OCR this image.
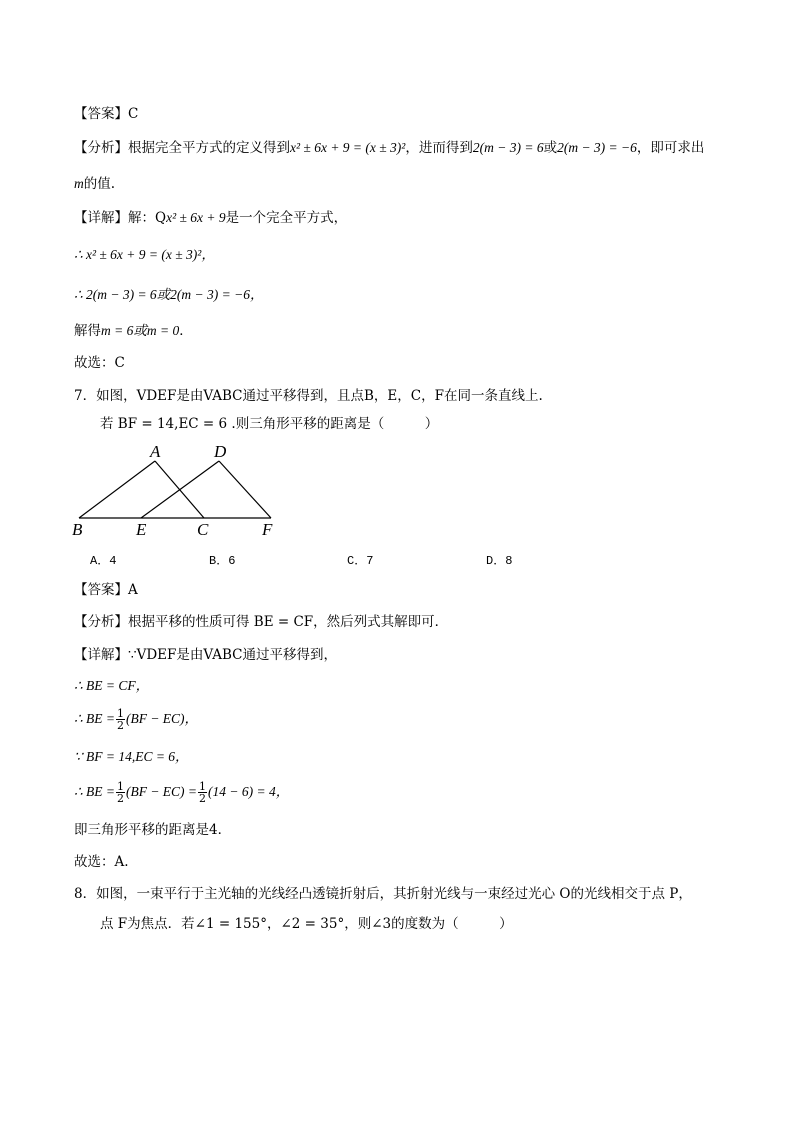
【答案】C
【分析】根据完全平方式的定义得到x² ± 6x + 9 = (x ± 3)²，进而得到2(m − 3) = 6或2(m − 3) = −6，即可求出
m的值.
【详解】解：Qx² ± 6x + 9是一个完全平方式，
∴ x² ± 6x + 9 = (x ± 3)²，
∴ 2(m − 3) = 6或2(m − 3) = −6，
解得m = 6或m = 0．
故选：C
7．如图，VDEF是由VABC通过平移得到，且点B，E，C，F在同一条直线上.
若 BF = 14,EC = 6 .则三角形平移的距离是（　　　）
A	D
B	E	C	F
A．4	B．6	C．7	D．8
【答案】A
【分析】根据平移的性质可得 BE = CF，然后列式其解即可．
【详解】∵VDEF是由VABC通过平移得到，
∴ BE = CF，
∴ BE = $\frac{1}{2} (BF - EC)$，
∵ BF = 14,EC = 6，
∴ BE = $\frac{1}{2} (BF - EC) = \frac{1}{2} (14 - 6) = 4$，
即三角形平移的距离是4．
故选：A.
8．如图，一束平行于主光轴的光线经凸透镜折射后，其折射光线与一束经过光心 O的光线相交于点 P，
点 F为焦点．若∠1 = 155°，∠2 = 35°，则∠3的度数为（　　　）
